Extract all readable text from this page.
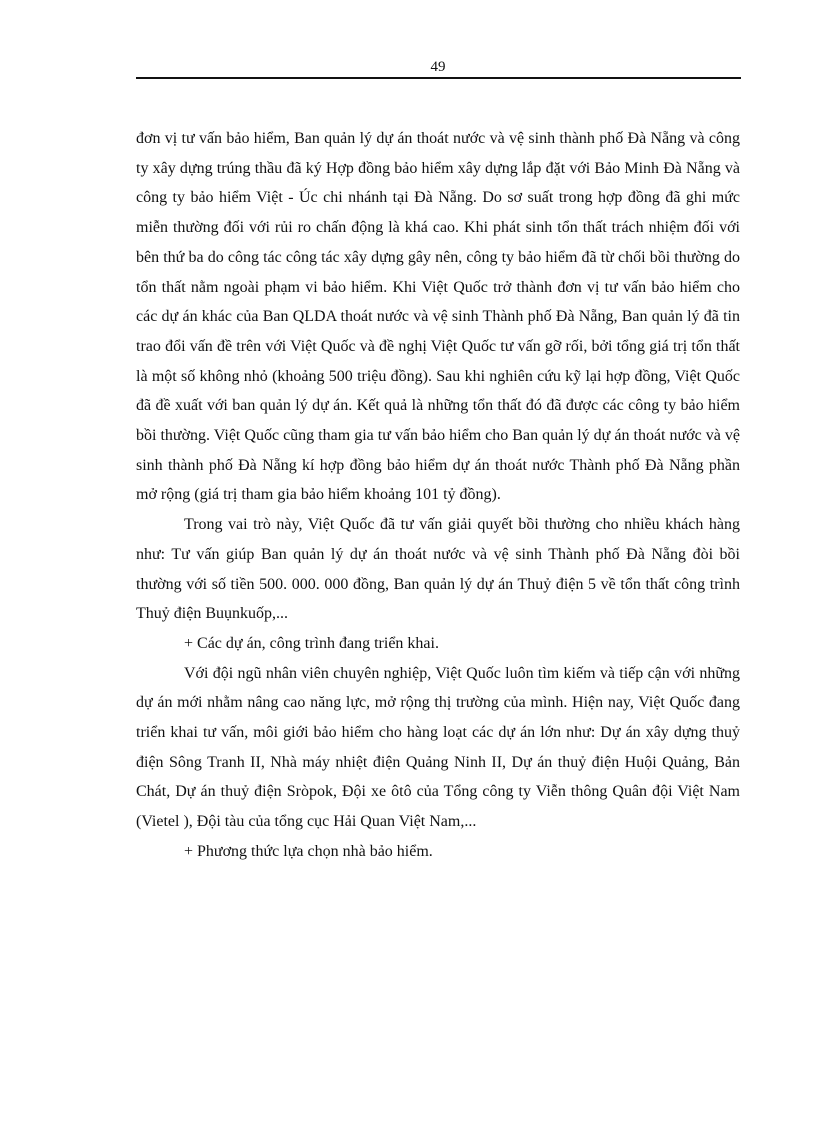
49

đơn vị tư vấn bảo hiểm, Ban quản lý dự án thoát nước và vệ sinh thành phố Đà Nẵng và công ty xây dựng trúng thầu đã ký Hợp đồng bảo hiểm xây dựng lắp đặt với Bảo Minh Đà Nẵng và công ty bảo hiểm Việt - Úc chi nhánh tại Đà Nẵng. Do sơ suất trong hợp đồng đã ghi mức miễn thường đối với rủi ro chấn động là khá cao. Khi phát sinh tổn thất trách nhiệm đối với bên thứ ba do công tác công tác xây dựng gây nên, công ty bảo hiểm đã từ chối bồi thường do tổn thất nằm ngoài phạm vi bảo hiểm. Khi Việt Quốc trở thành đơn vị tư vấn bảo hiểm cho các dự án khác của Ban QLDA thoát nước và vệ sinh Thành phố Đà Nẵng, Ban quản lý đã tin trao đổi vấn đề trên với Việt Quốc và đề nghị Việt Quốc tư vấn gỡ rối, bởi tổng giá trị tổn thất là một số không nhỏ (khoảng 500 triệu đồng). Sau khi nghiên cứu kỹ lại hợp đồng, Việt Quốc đã đề xuất với ban quản lý dự án. Kết quả là những tổn thất đó đã được các công ty bảo hiểm bồi thường. Việt Quốc cũng tham gia tư vấn bảo hiểm cho Ban quản lý dự án thoát nước và vệ sinh thành phố Đà Nẵng kí hợp đồng bảo hiểm dự án thoát nước Thành phố Đà Nẵng phần mở rộng (giá trị tham gia bảo hiểm khoảng 101 tỷ đồng).

Trong vai trò này, Việt Quốc đã tư vấn giải quyết bồi thường cho nhiều khách hàng như: Tư vấn giúp Ban quản lý dự án thoát nước và vệ sinh Thành phố Đà Nẵng đòi bồi thường với số tiền 500. 000. 000 đồng, Ban quản lý dự án Thuỷ điện 5 về tổn thất công trình Thuỷ điện Buụnkuốp,...

+ Các dự án, công trình đang triển khai.

Với đội ngũ nhân viên chuyên nghiệp, Việt Quốc luôn tìm kiếm và tiếp cận với những dự án mới nhằm nâng cao năng lực, mở rộng thị trường của mình. Hiện nay, Việt Quốc đang triển khai tư vấn, môi giới bảo hiểm cho hàng loạt các dự án lớn như: Dự án xây dựng thuỷ điện Sông Tranh II, Nhà máy nhiệt điện Quảng Ninh II, Dự án thuỷ điện Huội Quảng, Bản Chát, Dự án thuỷ điện Sròpok, Đội xe ôtô của Tổng công ty Viễn thông Quân đội Việt Nam (Vietel ), Đội tàu của tổng cục Hải Quan Việt Nam,...

+ Phương thức lựa chọn nhà bảo hiểm.
